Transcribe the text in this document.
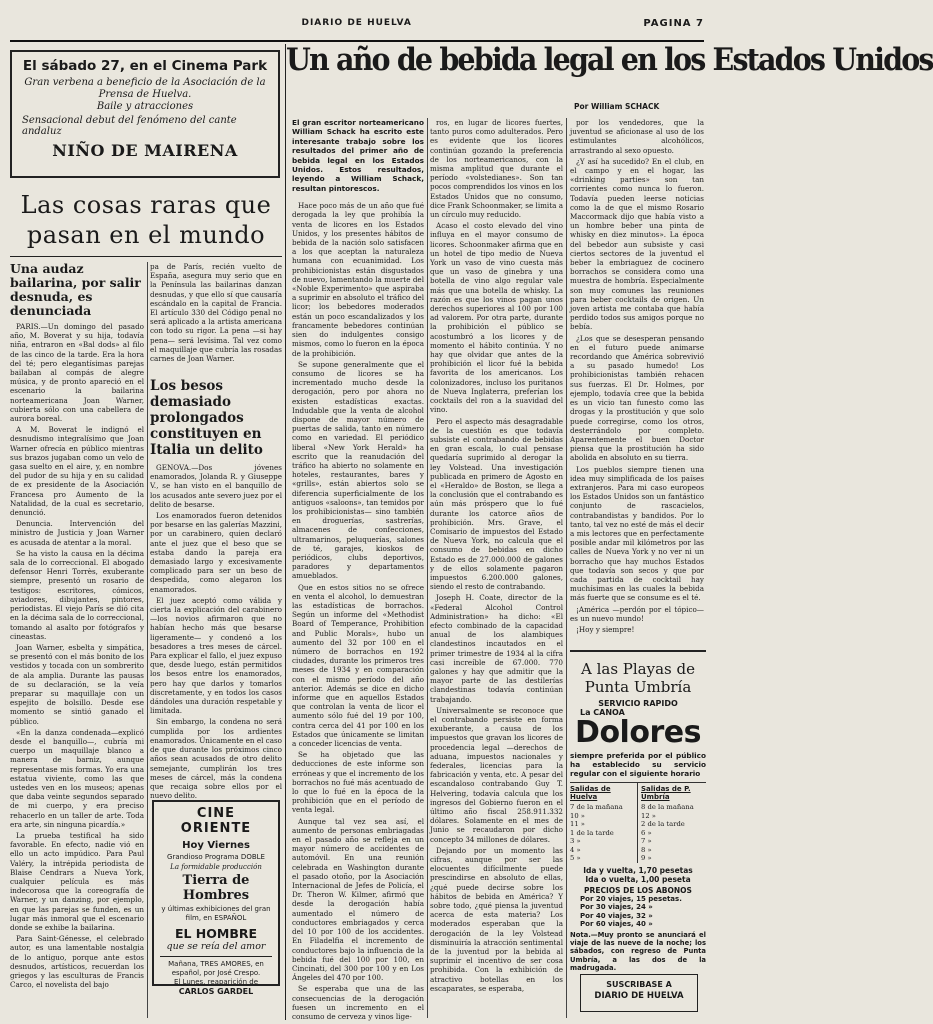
DIARIO DE HUELVA	PAGINA 7
El sábado 27, en el Cinema Park
Gran verbena a beneficio de la Asociación de la Prensa de Huelva.
Baile y atracciones
Sensacional debut del fenómeno del cante andaluz
NIÑO DE MAIRENA
Las cosas raras que pasan en el mundo
Una audaz bailarina, por salir desnuda, es denunciada

PARIS.—Un domingo del pasado año, M. Boverat y su hija, todavía niña, entraron en «Bal dods» al filo de las cinco de la tarde. Era la hora del té; pero elegantísimas parejas bailaban al compás de alegre música, y de pronto apareció en el escenario la bailarina norteamericana Joan Warner, cubierta sólo con una cabellera de aurora boreal.

A M. Boverat le indignó el desnudismo integralísimo que Joan Warner ofrecía en público mientras sus brazos jugaban como un velo de gasa suelto en el aire, y, en nombre del pudor de su hija y en su calidad de ex presidente de la Asociación Francesa pro Aumento de la Natalidad, de la cual es secretario, denunció.

Denuncia. Intervención del ministro de Justicia y Joan Warner es acusada de atentar a la moral.

Se ha visto la causa en la décima sala de lo correccional. El abogado defensor Henri Torrès, exuberante siempre, presentó un rosario de testigos: escritores, cómicos, aviadores, dibujantes, pintores, periodistas. El viejo París se dió cita en la décima sala de lo correccional, tomando al asalto por fotógrafos y cineastas.

Joan Warner, esbelta y simpática, se presentó con el más bonito de los vestidos y tocada con un sombrerito de ala amplia. Durante las pausas de su declaración, se la veía preparar su maquillaje con un espejito de bolsillo. Desde ese momento se sintió ganado el público.

«En la danza condenada—explicó desde el banquillo—, cubría mi cuerpo un maquillaje blanco a manera de barniz, aunque representase mis formas. Yo era una estatua viviente, como las que ustedes ven en los museos; apenas que daba veinte segundos separado de mi cuerpo, y era preciso rehacerlo en un taller de arte. Toda era arte, sin ninguna picardía.»

La prueba testifical ha sido favorable. En efecto, nadie vió en ello un acto impúdico. Para Paul Valéry, la intrépida periodista de Blaise Cendrars a Nueva York, cualquier película es más indecorosa que la coreografía de Warner, y un danzing, por ejemplo, en que las parejas se funden, es un lugar más inmoral que el escenario donde se exhibe la bailarina.

Para Saint-Génesse, el celebrado autor, es una lamentable nostalgia de lo antiguo, porque ante estos desnudos, artísticos, recuerdan los griegos y las esculturas de Francis Carco, el novelista del bajo

pa de París, recién vuelto de España, asegura muy serio que en la Península las bailarinas danzan desnudas, y que ello sí que causaría escándalo en la capital de Francia. El artículo 330 del Código penal no será aplicado a la artista americana con todo su rigor. La pena —si hay pena— será levísima. Tal vez como el maquillaje que cubría las rosadas carnes de Joan Warner.
Los besos demasiado prolongados constituyen en Italia un delito

GENOVA.—Dos jóvenes enamorados, Jolanda R. y Giuseppe V., se han visto en el banquillo de los acusados ante severo juez por el delito de besarse.

Los enamorados fueron detenidos por besarse en las galerías Mazzini, por un carabinero, quien declaró ante el juez que el beso que se estaba dando la pareja era demasiado largo y excesivamente complicado para ser un beso de despedida, como alegaron los enamorados.

El juez aceptó como válida y cierta la explicación del carabinero —los novios afirmaron que no habían hecho más que besarse ligeramente— y condenó a los besadores a tres meses de cárcel. Para explicar el fallo, el juez expuso que, desde luego, están permitidos los besos entre los enamorados, pero hay que darlos y tomarlos discretamente, y en todos los casos dándoles una duración respetable y limitada.

Sin embargo, la condena no será cumplida por los ardientes enamorados. Únicamente en el caso de que durante los próximos cinco años sean acusados de otro delito semejante, cumplirán los tres meses de cárcel, más la condena que recaiga sobre ellos por el nuevo delito.

CINE ORIENTE
Hoy Viernes
Grandioso Programa DOBLE
La formidable producción
Tierra de Hombres
y últimas exhibiciones del gran film, en ESPAÑOL
EL HOMBRE
que se reía del amor
Mañana, TRES AMORES, en español, por José Crespo.
El Lunes, reaparición de
CARLOS GARDEL
Un año de bebida legal en los Estados Unidos
Por William SCHACK
El gran escritor norteamericano William Schack ha escrito este interesante trabajo sobre los resultados del primer año de bebida legal en los Estados Unidos. Estos resultados, leyendo a William Schack, resultan pintorescos.

Hace poco más de un año que fué derogada la ley que prohibía la venta de licores en los Estados Unidos, y los presentes hábitos de bebida de la nación solo satisfacen a los que aceptan la naturaleza humana con ecuanimidad. Los prohibicionistas están disgustados de nuevo, lamentando la muerte del «Noble Experimento» que aspiraba a suprimir en absoluto el tráfico del licor; los bebedores moderados están un poco escandalizados y los francamente bebedores continúan sien do indulgentes consigo mismos, como lo fueron en la época de la prohibición.

Se supone generalmente que el consumo de licores se ha incrementado mucho desde la derogación, pero por ahora no existen estadísticas exactas. Indudable que la venta de alcohol dispone de mayor número de puertas de salida, tanto en número como en variedad. El periódico liberal «New York Herald» ha escrito que la reanudación del tráfico ha abierto no solamente en hoteles, restaurantes, bares y «grills», están abiertos solo se diferencia superficialmente de los antiguos «saloons», tan temidos por los prohibicionistas— sino también en droguerías, sastrerías, almacenes de confecciones, ultramarinos, peluquerías, salones de té, garajes, kioskos de periódicos, clubs deportivos, paradores y departamentos amueblados.

Que en estos sitios no se ofrece en venta el alcohol, lo demuestran las estadísticas de borrachos. Según un informe del «Methodist Board of Temperance, Prohibition and Public Morals», hubo un aumento del 32 por 100 en el número de borrachos en 192 ciudades, durante los primeros tres meses de 1934 y en comparación con el mismo período del año anterior. Además se dice en dicho informe que en aquellos Estados que controlan la venta de licor el aumento sólo fué del 19 por 100, contra cerca del 41 por 100 en los Estados que únicamente se limitan a conceder licencias de venta.

Se ha objetado que las deducciones de este informe son erróneas y que el incremento de los borrachos no fué más acentuado de lo que lo fué en la época de la prohibición que en el período de venta legal.

Aunque tal vez sea así, el aumento de personas embriagadas en el pasado año se refleja en un mayor número de accidentes de automóvil. En una reunión celebrada en Washington durante el pasado otoño, por la Asociación Internacional de Jefes de Policía, el Dr. Theron W. Kilmer, afirmó que desde la derogación había aumentado el número de conductores embriagados y cerca del 10 por 100 de los accidentes. En Filadelfia el incremento de conductores bajo la influencia de la bebida fué del 100 por 100, en Cincinati, del 300 por 100 y en Los Ángeles del 470 por 100.

Se esperaba que una de las consecuencias de la derogación fuesen un incremento en el consumo de cerveza y vinos lige-

ros, en lugar de licores fuertes, tanto puros como adulterados. Pero es evidente que los licores continúan gozando la preferencia de los norteamericanos, con la misma amplitud que durante el período «volstedianes». Son tan pocos comprendidos los vinos en los Estados Unidos que no consumo, dice Frank Schoonmaker, se limita a un círculo muy reducido.

Acaso el costo elevado del vino influya en el mayor consumo de licores. Schoonmaker afirma que en un hotel de tipo medio de Nueva York un vaso de vino cuesta más que un vaso de ginebra y una botella de vino algo regular vale más que una botella de whisky. La razón es que los vinos pagan unos derechos superiores al 100 por 100 ad valorem. Por otra parte, durante la prohibición el público se acostumbró a los licores y de momento el hábito continúa. Y no hay que olvidar que antes de la prohibición el licor fué la bebida favorita de los americanos. Los colonizadores, incluso los puritanos de Nueva Inglaterra, preferían los cocktails del ron a la suavidad del vino.

Pero el aspecto más desagradable de la cuestión es que todavía subsiste el contrabando de bebidas en gran escala, lo cual pensase quedaría suprimido al derogar la ley Volstead. Una investigación publicada en primero de Agosto en el «Heraldo» de Boston, se llega a la conclusión que el contrabando es aún más próspero que lo fué durante los catorce años de prohibición. Mrs. Grave, el Comisario de impuestos del Estado de Nueva York, no calcula que el consumo de bebidas en dicho Estado es de 27.000.000 de galones y de ellos solamente pagaron impuestos 6.200.000 galones, siendo el resto de contrabando.

Joseph H. Coate, director de la «Federal Alcohol Control Administration» ha dicho: «El efecto combinado de la capacidad anual de los alambiques clandestinos incautados en el primer trimestre de 1934 al la cifra casi increíble de 67.000. 770 galones y hay que admitir que la mayor parte de las destilerías clandestinas todavía continúan trabajando.

Universalmente se reconoce que el contrabando persiste en forma exuberante, a causa de los impuestos que gravan los licores de procedencia legal —derechos de aduana, impuestos nacionales y federales, licencias para la fabricación y venta, etc. A pesar del escandaloso contrabando Guy T. Helvering, todavía calcula que los ingresos del Gobierno fueron en el último año fiscal 258.911.332 dólares. Solamente en el mes de Junio se recaudaron por dicho concepto 34 millones de dólares.

Dejando por un momento las cifras, aunque por ser las elocuentes difícilmente puede prescindirse en absoluto de ellas, ¿qué puede decirse sobre los hábitos de bebida en América? Y sobre todo, ¿qué piensa la juventud acerca de esta materia? Los moderados esperaban que la derogación de la ley Volstead disminuiría la atracción sentimental de la juventud por la bebida al suprimir el incentivo de ser cosa prohibida. Con la exhibición de atractivo botellas en los escaparates, se esperaba,

por los vendedores, que la juventud se aficionase al uso de los estimulantes alcohólicos, arrastrando al sexo opuesto.

¿Y así ha sucedido? En el club, en el campo y en el hogar, las «drinking parties» son tan corrientes como nunca lo fueron. Todavía pueden leerse noticias como la de que el mismo Rosario Maccormack dijo que había visto a un hombre beber una pinta de whisky en diez minutos». La época del bebedor aun subsiste y casi ciertos sectores de la juventud el beber la embriaguez de cocinero borrachos se considera como una muestra de hombría. Especialmente son muy comunes las reuniones para beber cocktails de origen. Un joven artista me contaba que había perdido todos sus amigos porque no bebía.

¿Los que se desesperan pensando en el futuro puede animarse recordando que América sobrevivió a su pasado humedo! Los prohibicionistas también rehacen sus fuerzas. El Dr. Holmes, por ejemplo, todavía cree que la bebida es un vicio tan funesto como las drogas y la prostitución y que solo puede corregirse, como los otros, desterrándolo por completo. Aparentemente el buen Doctor piensa que la prostitución ha sido abolida en absoluto en su tierra.

Los pueblos siempre tienen una idea muy simplificada de los países extranjeros. Para mi caso europeos los Estados Unidos son un fantástico conjunto de rascacielos, contrabandistas y bandidos. Por lo tanto, tal vez no esté de más el decir a mis lectores que en perfectamente posible andar mil kilómetros por las calles de Nueva York y no ver ni un borracho que hay muchos Estados que todavía son secos y que por cada partida de cocktail hay muchísimas en las cuales la bebida más fuerte que se consume es el té.

¡América —perdón por el tópico— es un nuevo mundo!

¡Hoy y siempre!

A las Playas de
Punta Umbría
SERVICIO RAPIDO
La CANOA
Dolores
siempre preferida por el público ha establecido su servicio regular con el siguiente horario
Salidas de Huelva
7 de la mañana
10 »
11 »
1 de la tarde
3 »
4 »
5 »
Salidas de P. Umbría
8 de la mañana
12 »
2 de la tarde
6 »
7 »
8 »
9 »
Ida y vuelta, 1,70 pesetas
Ida o vuelta, 1,00 peseta
PRECIOS DE LOS ABONOS
Por 20 viajes, 15 pesetas.
Por 30 viajes, 24 »
Por 40 viajes, 32 »
Por 60 viajes, 40 »
Nota.—Muy pronto se anunciará el viaje de las nueve de la noche; los sábados, con regreso de Punta Umbría, a las dos de la madrugada.
SUSCRIBASE A
DIARIO DE HUELVA
